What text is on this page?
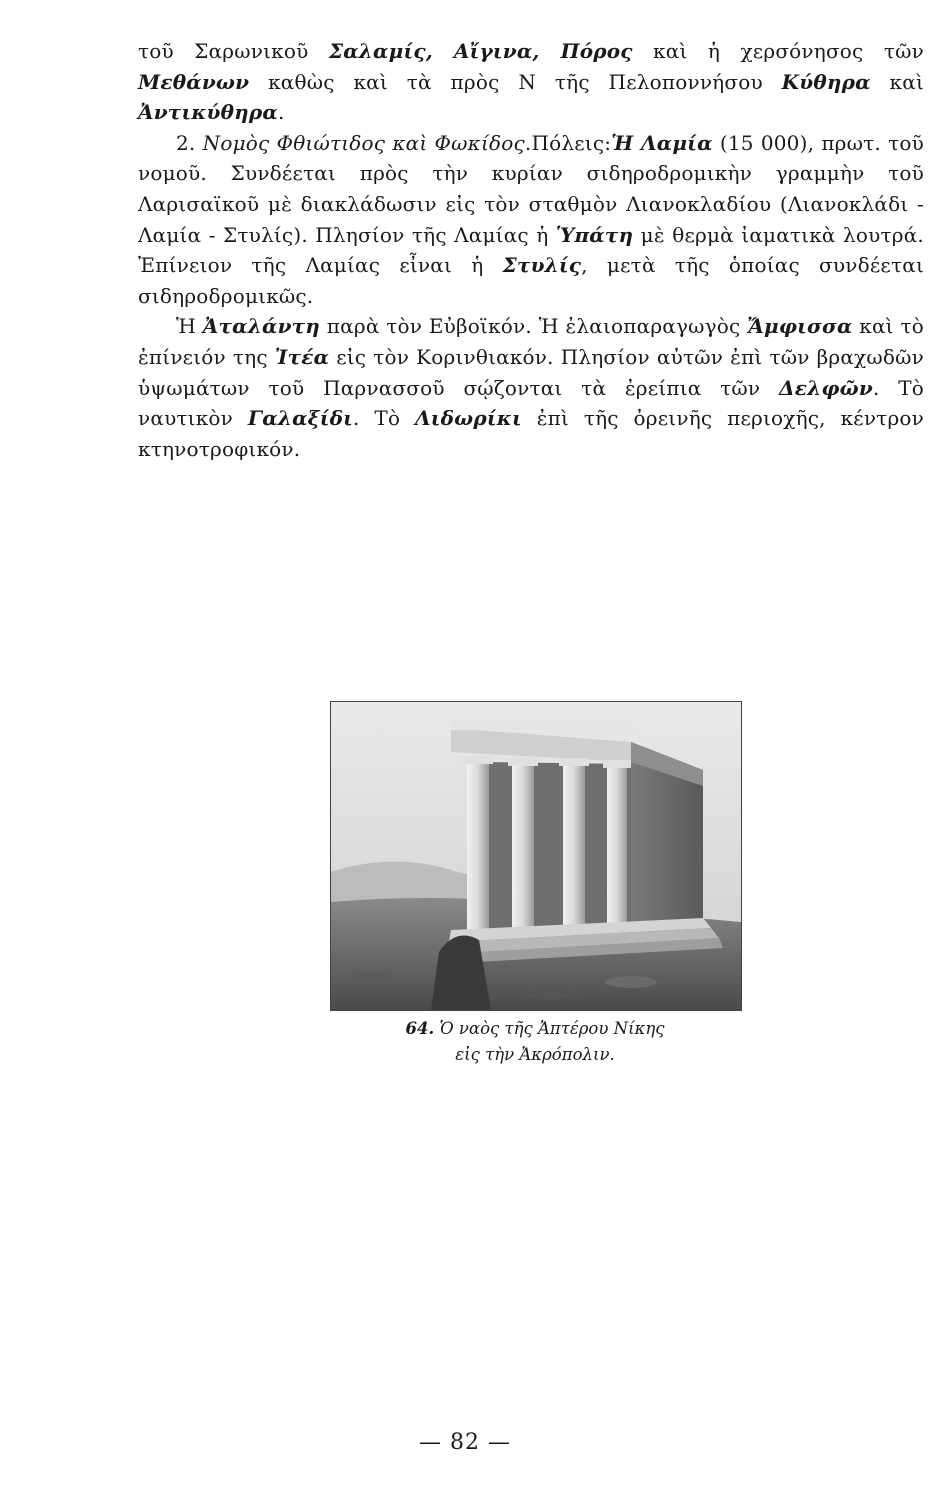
τοῦ Σαρωνικοῦ Σαλαμίς, Αἴγινα, Πόρος καὶ ἡ χερσόνησος τῶν Μεθάνων καθὼς καὶ τὰ πρὸς Ν τῆς Πελοποννήσου Κύθηρα καὶ Ἀντικύθηρα.

2. Νομὸς Φθιώτιδος καὶ Φωκίδος.Πόλεις:Ἡ Λαμία (15 000), πρωτ. τοῦ νομοῦ. Συνδέεται πρὸς τὴν κυρίαν σιδηροδρομικὴν γραμμὴν τοῦ Λαρισαϊκοῦ μὲ διακλάδωσιν εἰς τὸν σταθμὸν Λιανοκλαδίου (Λιανοκλάδι - Λαμία - Στυλίς). Πλησίον τῆς Λαμίας ἡ Ὑπάτη μὲ θερμὰ ἰαματικὰ λουτρά. Ἐπίνειον τῆς Λαμίας εἶναι ἡ Στυλίς, μετὰ τῆς ὁποίας συνδέεται σιδηροδρομικῶς.

Ἡ Ἀταλάντη παρὰ τὸν Εὐβοϊκόν. Ἡ ἐλαιοπαραγωγὸς Ἄμφισσα καὶ τὸ ἐπίνειόν της Ἰτέα εἰς τὸν Κορινθιακόν. Πλησίον αὐτῶν ἐπὶ τῶν βραχωδῶν ὑψωμάτων τοῦ Παρνασσοῦ σῴζονται τὰ ἐρείπια τῶν Δελφῶν. Τὸ ναυτικὸν Γαλαξίδι. Τὸ Λιδωρίκι ἐπὶ τῆς ὀρεινῆς περιοχῆς, κέντρον κτηνοτροφικόν.

64. Ὁ ναὸς τῆς Ἀπτέρου Νίκης
εἰς τὴν Ἀκρόπολιν.
— 82 —
